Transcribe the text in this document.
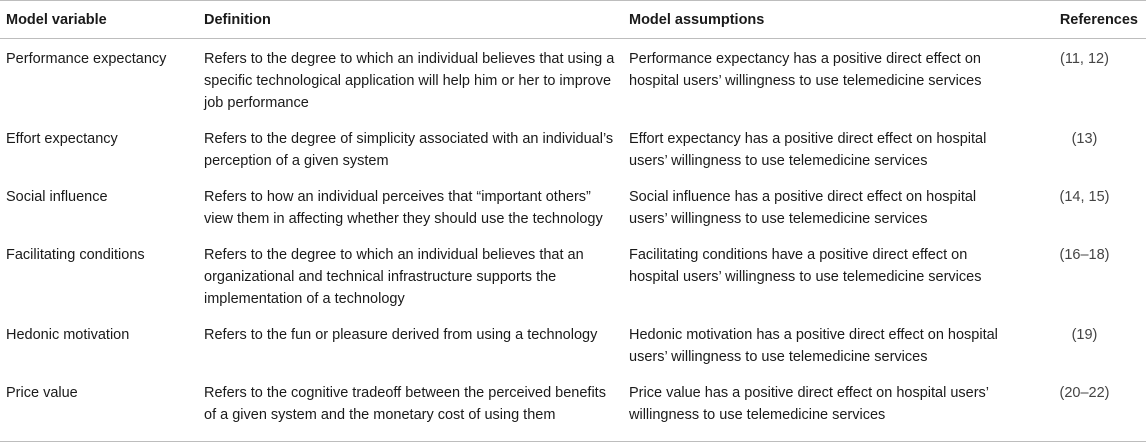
Model variable	Definition	Model assumptions	References
Performance expectancy	Refers to the degree to which an individual believes that using a specific technological application will help him or her to improve job performance	Performance expectancy has a positive direct effect on hospital users’ willingness to use telemedicine services	(11, 12)
Effort expectancy	Refers to the degree of simplicity associated with an individual’s perception of a given system	Effort expectancy has a positive direct effect on hospital users’ willingness to use telemedicine services	(13)
Social influence	Refers to how an individual perceives that “important others” view them in affecting whether they should use the technology	Social influence has a positive direct effect on hospital users’ willingness to use telemedicine services	(14, 15)
Facilitating conditions	Refers to the degree to which an individual believes that an organizational and technical infrastructure supports the implementation of a technology	Facilitating conditions have a positive direct effect on hospital users’ willingness to use telemedicine services	(16–18)
Hedonic motivation	Refers to the fun or pleasure derived from using a technology	Hedonic motivation has a positive direct effect on hospital users’ willingness to use telemedicine services	(19)
Price value	Refers to the cognitive tradeoff between the perceived benefits of a given system and the monetary cost of using them	Price value has a positive direct effect on hospital users’ willingness to use telemedicine services	(20–22)
